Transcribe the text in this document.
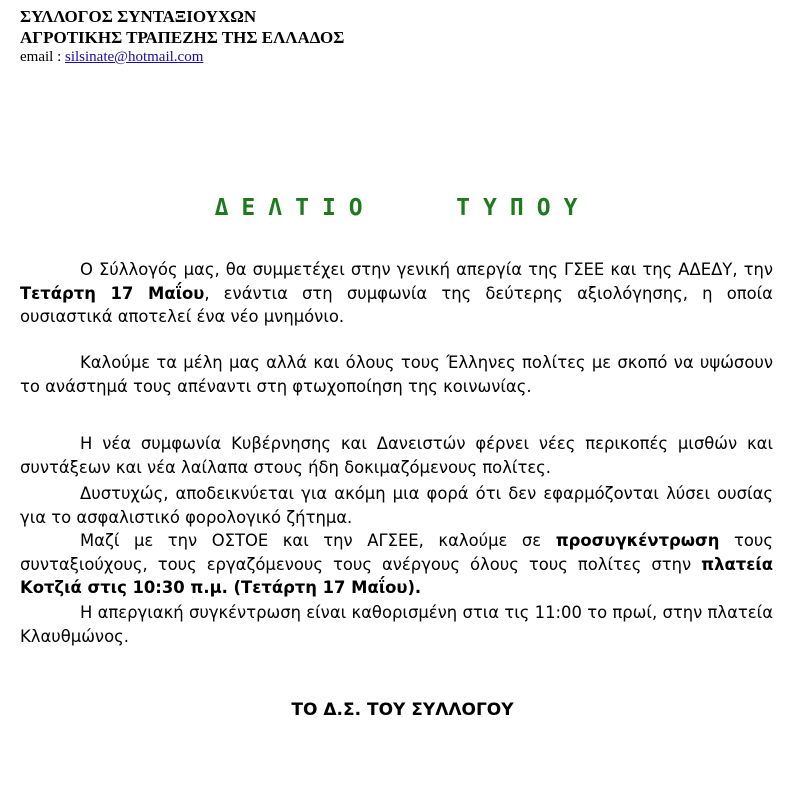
ΣΥΛΛΟΓΟΣ ΣΥΝΤΑΞΙΟΥΧΩΝ

ΑΓΡΟΤΙΚΗΣ ΤΡΑΠΕΖΗΣ ΤΗΣ ΕΛΛΑΔΟΣ

email : silsinate@hotmail.com

ΔΕΛΤΙΟ   ΤΥΠΟΥ

Ο Σύλλογός μας, θα συμμετέχει στην γενική απεργία της ΓΣΕΕ και της ΑΔΕΔΥ, την Τετάρτη 17 Μαΐου, ενάντια στη συμφωνία της δεύτερης αξιολόγησης, η οποία ουσιαστικά αποτελεί ένα νέο μνημόνιο.

Καλούμε τα μέλη μας αλλά και όλους τους Έλληνες πολίτες με σκοπό να υψώσουν το ανάστημά τους απέναντι στη φτωχοποίηση της κοινωνίας.

Η νέα συμφωνία Κυβέρνησης και Δανειστών φέρνει νέες περικοπές μισθών και συντάξεων και νέα λαίλαπα στους ήδη δοκιμαζόμενους πολίτες.

Δυστυχώς, αποδεικνύεται για ακόμη μια φορά ότι δεν εφαρμόζονται λύσει ουσίας για το ασφαλιστικό φορολογικό ζήτημα.

Μαζί με την ΟΣΤΟΕ και την ΑΓΣΕΕ, καλούμε σε προσυγκέντρωση τους συνταξιούχους, τους εργαζόμενους τους ανέργους όλους τους πολίτες στην πλατεία Κοτζιά στις 10:30 π.μ. (Τετάρτη 17 Μαΐου).

Η απεργιακή συγκέντρωση είναι καθορισμένη στια τις 11:00 το πρωί, στην πλατεία Κλαυθμώνος.

ΤΟ Δ.Σ. ΤΟΥ ΣΥΛΛΟΓΟΥ
